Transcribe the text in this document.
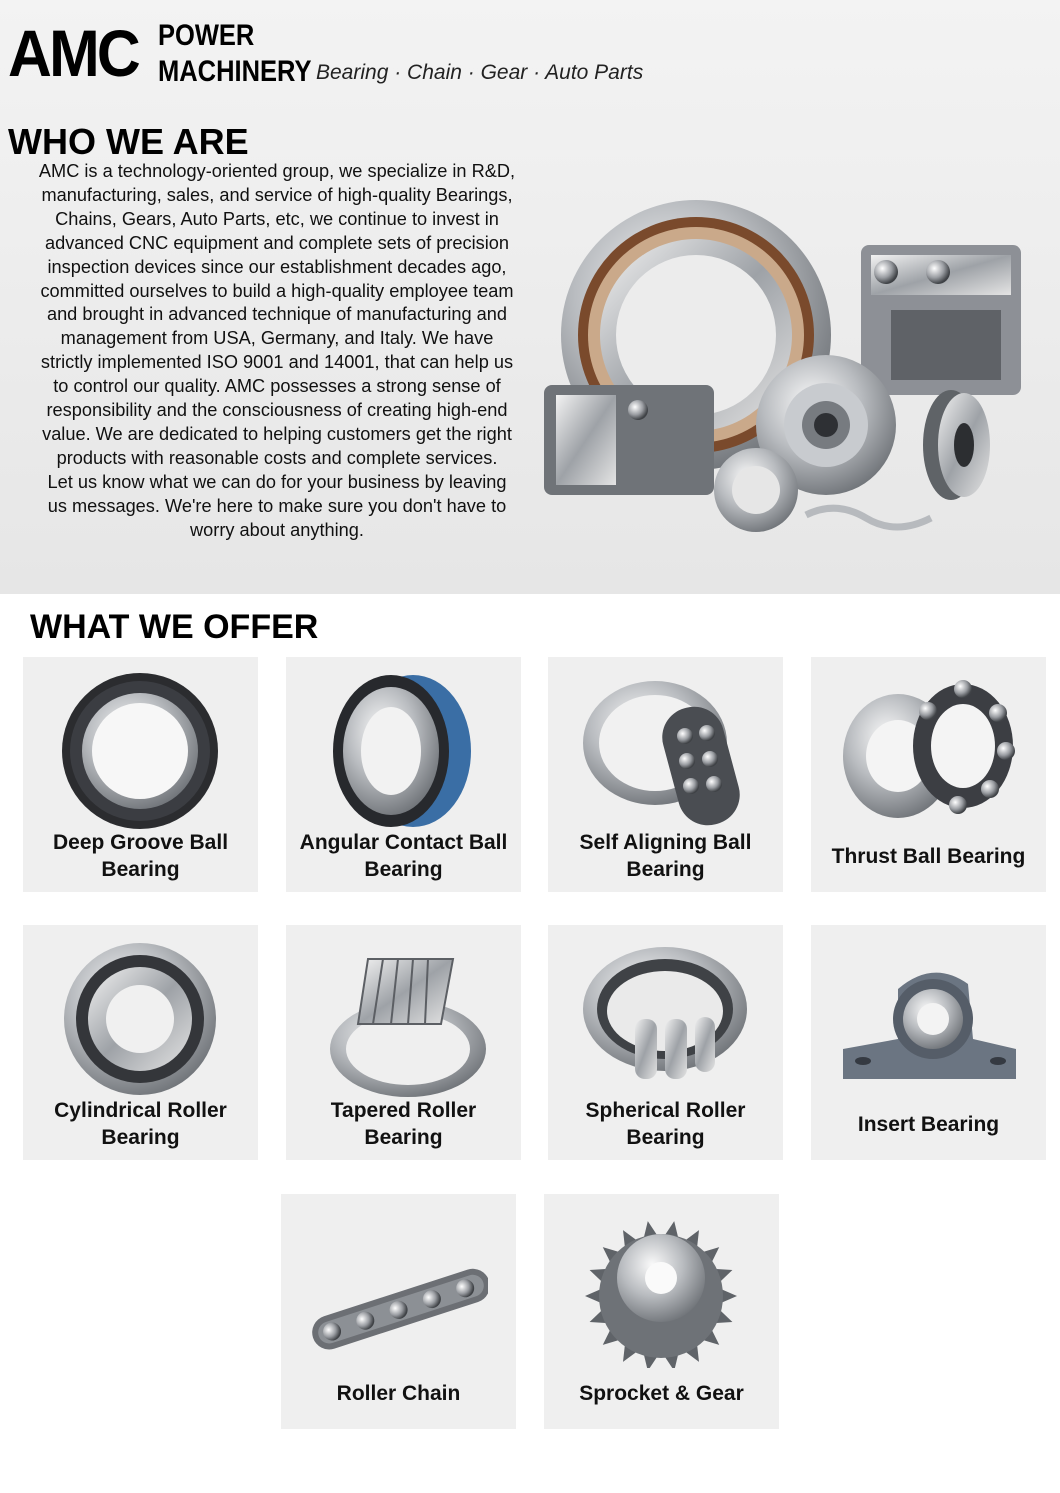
AMC POWER
MACHINERY Bearing · Chain · Gear · Auto Parts
WHO WE ARE

AMC is a technology-oriented group, we specialize in R&D, manufacturing, sales, and service of high-quality Bearings, Chains, Gears, Auto Parts, etc, we continue to invest in advanced CNC equipment and complete sets of precision inspection devices since our establishment decades ago, committed ourselves to build a high-quality employee team and brought in advanced technique of manufacturing and management from USA, Germany, and Italy. We have strictly implemented ISO 9001 and 14001, that can help us to control our quality. AMC possesses a strong sense of responsibility and the consciousness of creating high-end value. We are dedicated to helping customers get the right products with reasonable costs and complete services.

Let us know what we can do for your business by leaving us messages. We're here to make sure you don't have to worry about anything.

WHAT WE OFFER
Deep Groove Ball Bearing
Angular Contact Ball Bearing
Self Aligning Ball Bearing
Thrust Ball Bearing
Cylindrical Roller Bearing
Tapered Roller Bearing
Spherical Roller Bearing
Insert Bearing
Roller Chain	Sprocket & Gear
